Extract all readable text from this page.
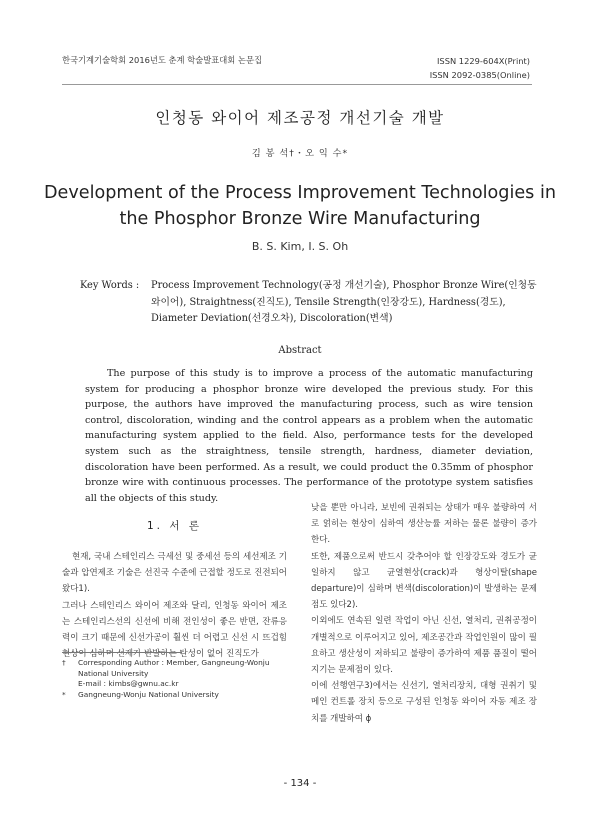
한국기계기술학회 2016년도 춘계 학술발표대회 논문집	ISSN 1229-604X(Print)
ISSN 2092-0385(Online)
인청동 와이어 제조공정 개선기술 개발
김 봉 석†・오 익 수*
Development of the Process Improvement Technologies in
the Phosphor Bronze Wire Manufacturing
B. S. Kim, I. S. Oh
Key Words : Process Improvement Technology(공정 개선기술), Phosphor Bronze Wire(인청동 와이어), Straightness(진직도), Tensile Strength(인장강도), Hardness(경도), Diameter Deviation(선경오차), Discoloration(변색)
Abstract
The purpose of this study is to improve a process of the automatic manufacturing system for producing a phosphor bronze wire developed the previous study. For this purpose, the authors have improved the manufacturing process, such as wire tension control, discoloration, winding and the control appears as a problem when the automatic manufacturing system applied to the field. Also, performance tests for the developed system such as the straightness, tensile strength, hardness, diameter deviation, discoloration have been performed. As a result, we could product the 0.35mm of phosphor bronze wire with continuous processes. The performance of the prototype system satisfies all the objects of this study.
1. 서 론

현재, 국내 스테인리스 극세선 및 중세선 등의 세선제조 기술과 압연제조 기술은 선진국 수준에 근접할 정도로 진전되어 왔다1).

그러나 스테인리스 와이어 제조와 달리, 인청동 와이어 제조는 스테인리스선의 신선에 비해 전인성이 좋은 반면, 잔류응력이 크기 때문에 신선가공이 훨씬 더 어렵고 신선 시 뜨겁힘현상이 심하며 선재가 반발하는 탄성이 없어 진직도가

낮을 뿐만 아니라, 보빈에 권취되는 상태가 매우 불량하여 서로 얽히는 현상이 심하여 생산능률 저하는 물론 불량이 증가한다.

또한, 제품으로써 반드시 갖추어야 할 인장강도와 경도가 균일하지 않고 균열현상(crack)과 형상이탈(shape departure)이 심하며 변색(discoloration)이 발생하는 문제점도 있다2).

이외에도 연속된 일련 작업이 아닌 신선, 열처리, 권취공정이 개별적으로 이루어지고 있어, 제조공간과 작업인원이 많이 필요하고 생산성이 저하되고 불량이 증가하여 제품 품질이 떨어지기는 문제점이 있다.

이에 선행연구3)에서는 신선기, 열처리장치, 대형 권취기 및 메인 컨트롤 장치 등으로 구성된 인청동 와이어 자동 제조 장치를 개발하여 ϕ

† Corresponding Author : Member, Gangneung-Wonju National University
E-mail : kimbs@gwnu.ac.kr
* Gangneung-Wonju National University
- 134 -
